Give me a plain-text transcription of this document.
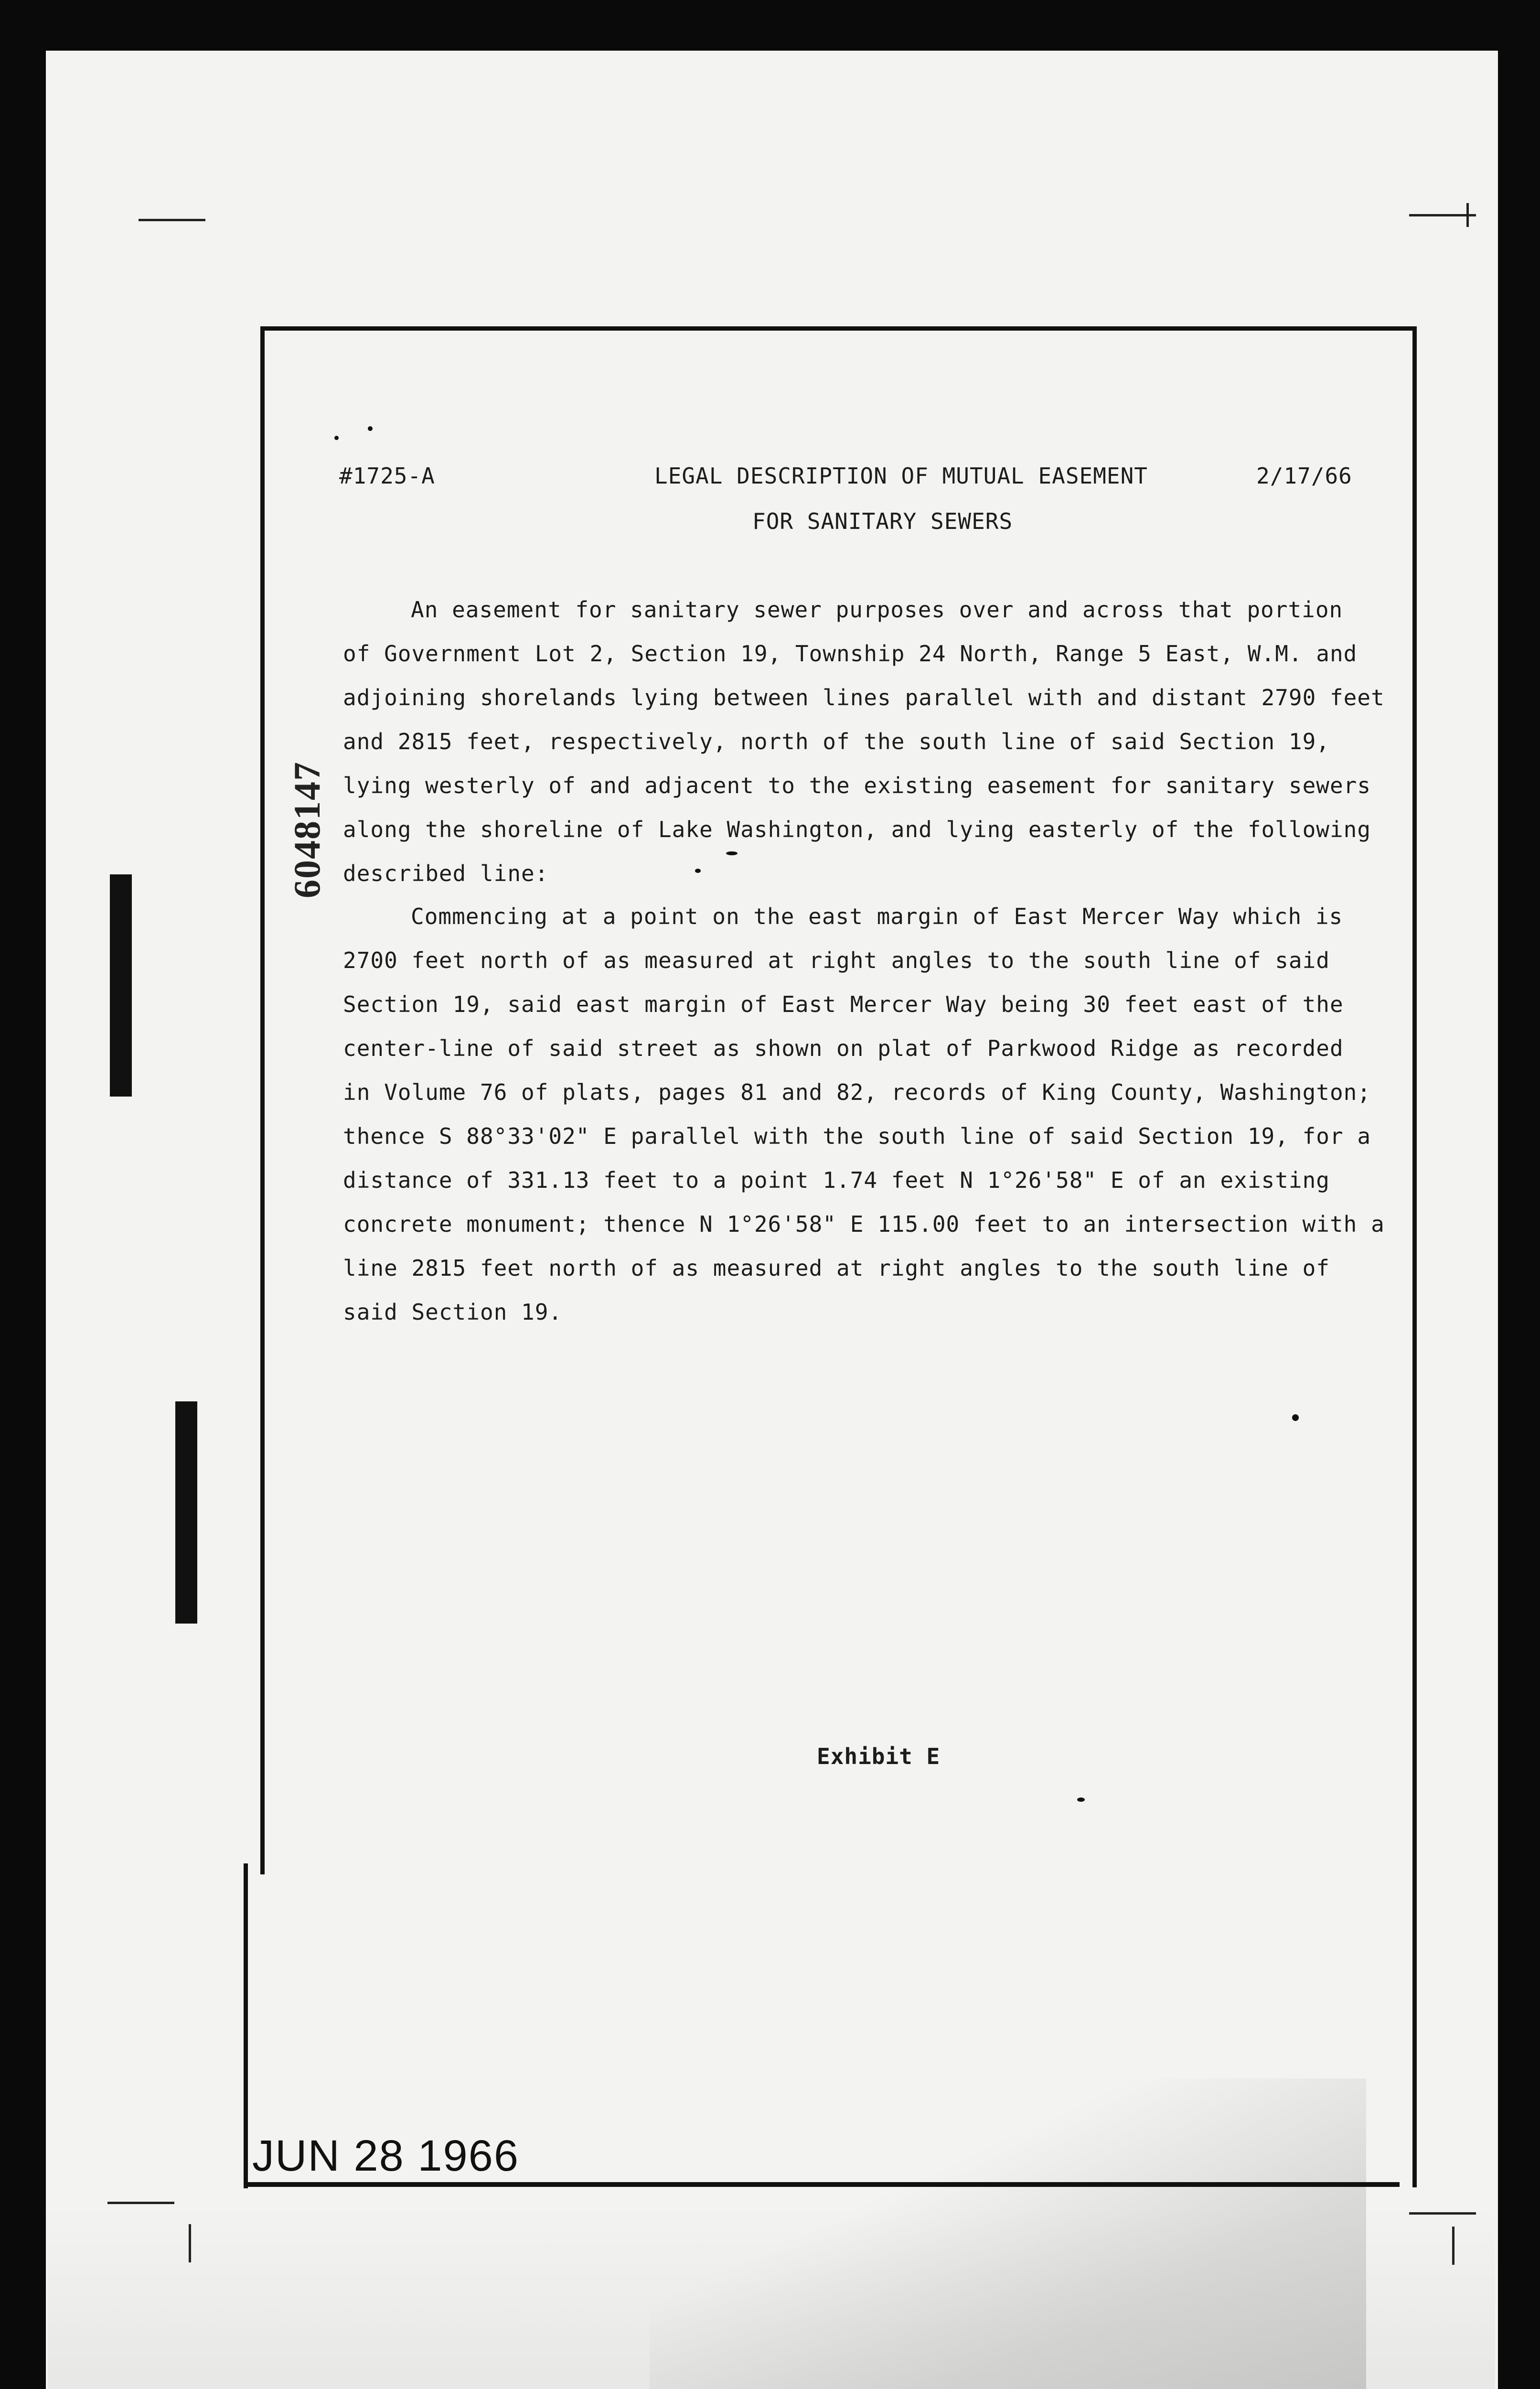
#1725-A	LEGAL DESCRIPTION OF MUTUAL EASEMENT	2/17/66
FOR SANITARY SEWERS
An easement for sanitary sewer purposes over and across that portion
of Government Lot 2, Section 19, Township 24 North, Range 5 East, W.M. and
adjoining shorelands lying between lines parallel with and distant 2790 feet
and 2815 feet, respectively, north of the south line of said Section 19,
lying westerly of and adjacent to the existing easement for sanitary sewers
along the shoreline of Lake Washington, and lying easterly of the following
described line:
Commencing at a point on the east margin of East Mercer Way which is
2700 feet north of as measured at right angles to the south line of said
Section 19, said east margin of East Mercer Way being 30 feet east of the
center-line of said street as shown on plat of Parkwood Ridge as recorded
in Volume 76 of plats, pages 81 and 82, records of King County, Washington;
thence S 88°33'02" E parallel with the south line of said Section 19, for a
distance of 331.13 feet to a point 1.74 feet N 1°26'58" E of an existing
concrete monument; thence N 1°26'58" E 115.00 feet to an intersection with a
line 2815 feet north of as measured at right angles to the south line of
said Section 19.
Exhibit E
6048147
JUN 28 1966
